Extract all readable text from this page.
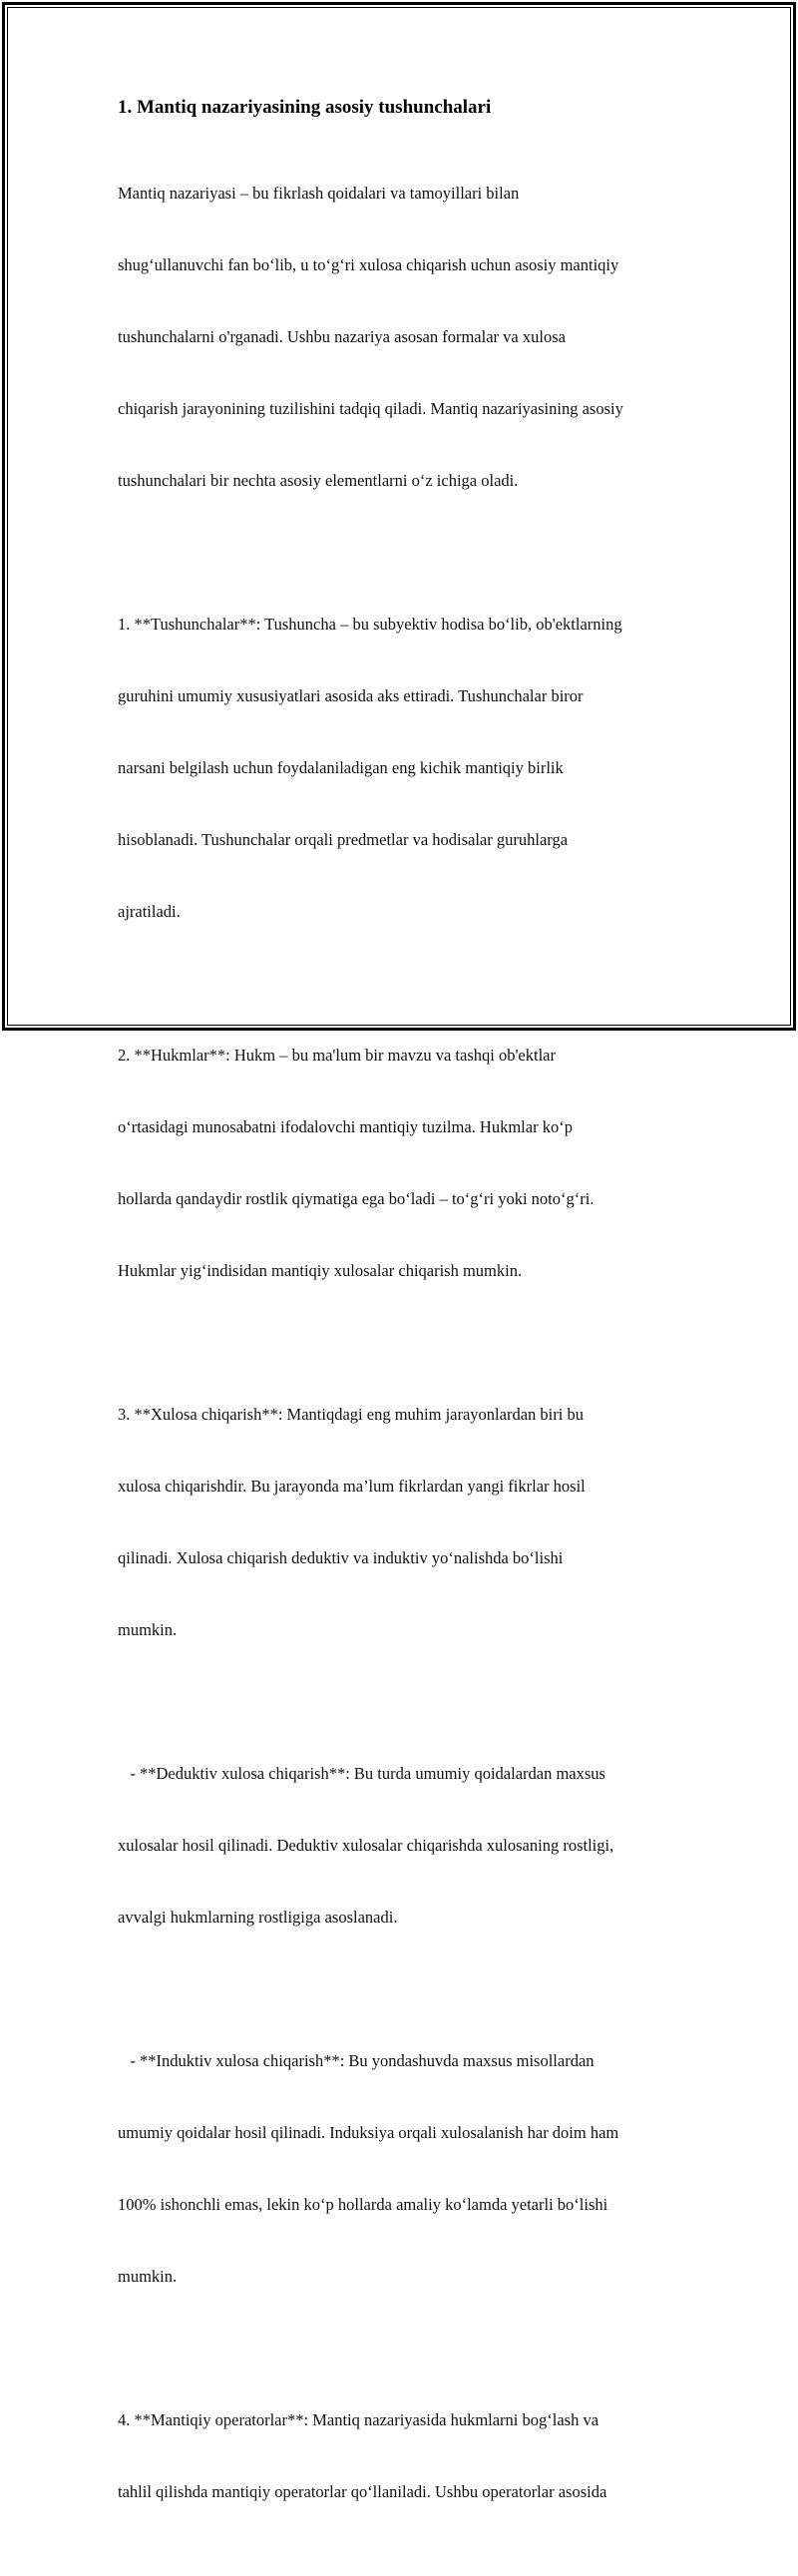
1. Mantiq nazariyasining asosiy tushunchalari

Mantiq nazariyasi – bu fikrlash qoidalari va tamoyillari bilan

shug‘ullanuvchi fan bo‘lib, u to‘g‘ri xulosa chiqarish uchun asosiy mantiqiy

tushunchalarni o'rganadi. Ushbu nazariya asosan formalar va xulosa

chiqarish jarayonining tuzilishini tadqiq qiladi. Mantiq nazariyasining asosiy

tushunchalari bir nechta asosiy elementlarni o‘z ichiga oladi.

1. **Tushunchalar**: Tushuncha – bu subyektiv hodisa bo‘lib, ob'ektlarning

guruhini umumiy xususiyatlari asosida aks ettiradi. Tushunchalar biror

narsani belgilash uchun foydalaniladigan eng kichik mantiqiy birlik

hisoblanadi. Tushunchalar orqali predmetlar va hodisalar guruhlarga

ajratiladi.

2. **Hukmlar**: Hukm – bu ma'lum bir mavzu va tashqi ob'ektlar

o‘rtasidagi munosabatni ifodalovchi mantiqiy tuzilma. Hukmlar ko‘p

hollarda qandaydir rostlik qiymatiga ega bo‘ladi – to‘g‘ri yoki noto‘g‘ri.

Hukmlar yig‘indisidan mantiqiy xulosalar chiqarish mumkin.

3. **Xulosa chiqarish**: Mantiqdagi eng muhim jarayonlardan biri bu

xulosa chiqarishdir. Bu jarayonda ma’lum fikrlardan yangi fikrlar hosil

qilinadi. Xulosa chiqarish deduktiv va induktiv yo‘nalishda bo‘lishi

mumkin.

- **Deduktiv xulosa chiqarish**: Bu turda umumiy qoidalardan maxsus

xulosalar hosil qilinadi. Deduktiv xulosalar chiqarishda xulosaning rostligi,

avvalgi hukmlarning rostligiga asoslanadi.

- **Induktiv xulosa chiqarish**: Bu yondashuvda maxsus misollardan

umumiy qoidalar hosil qilinadi. Induksiya orqali xulosalanish har doim ham

100% ishonchli emas, lekin ko‘p hollarda amaliy ko‘lamda yetarli bo‘lishi

mumkin.

4. **Mantiqiy operatorlar**: Mantiq nazariyasida hukmlarni bog‘lash va

tahlil qilishda mantiqiy operatorlar qo‘llaniladi. Ushbu operatorlar asosida
